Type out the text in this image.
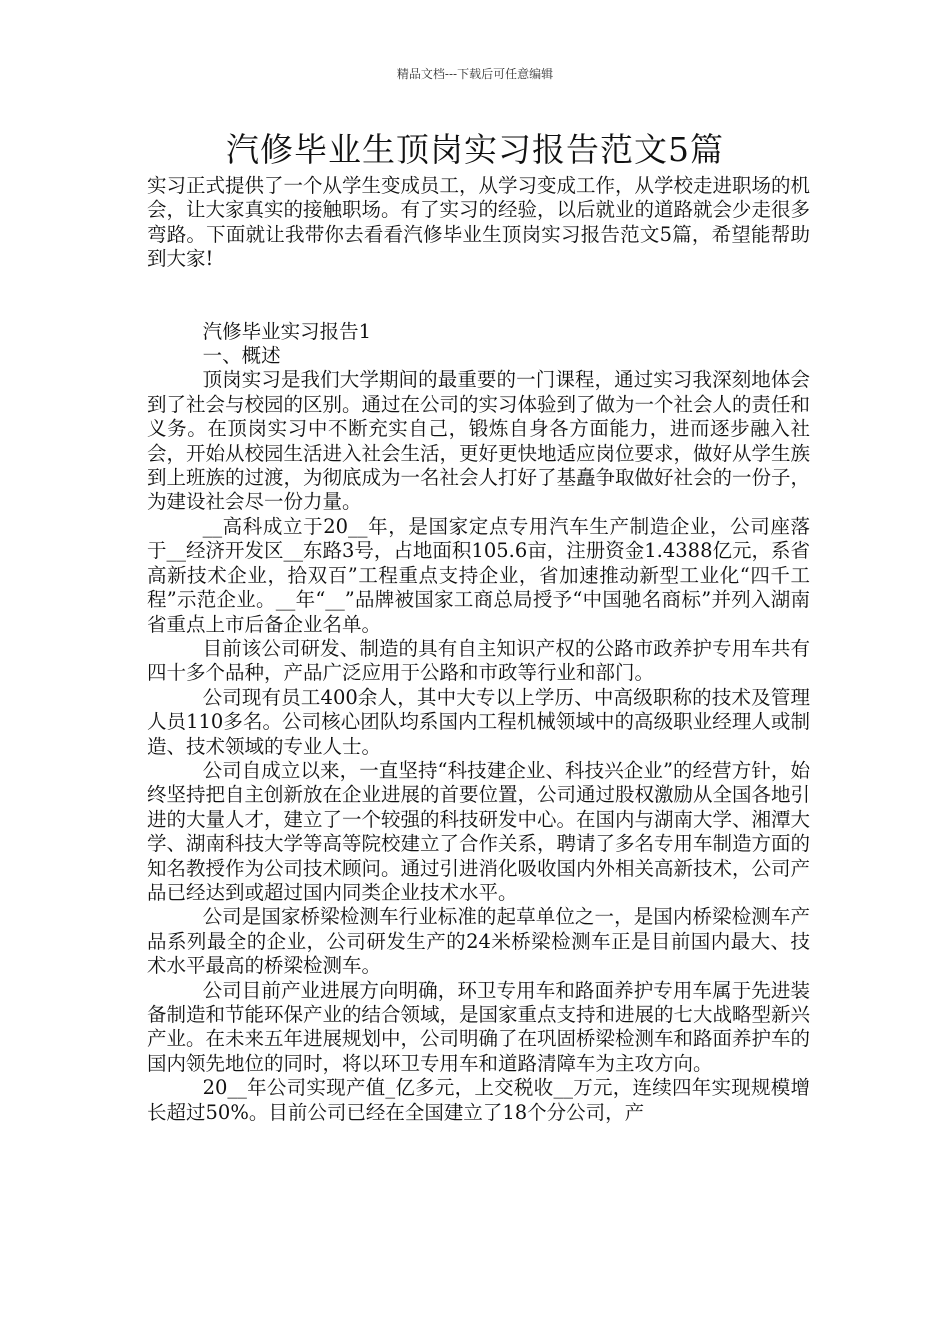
精品文档---下载后可任意编辑
汽修毕业生顶岗实习报告范文5篇

实习正式提供了一个从学生变成员工，从学习变成工作，从学校走进职场的机会，让大家真实的接触职场。有了实习的经验，以后就业的道路就会少走很多弯路。下面就让我带你去看看汽修毕业生顶岗实习报告范文5篇，希望能帮助到大家!

汽修毕业实习报告1

一、概述

顶岗实习是我们大学期间的最重要的一门课程，通过实习我深刻地体会到了社会与校园的区别。通过在公司的实习体验到了做为一个社会人的责任和义务。在顶岗实习中不断充实自己，锻炼自身各方面能力，进而逐步融入社会，开始从校园生活进入社会生活，更好更快地适应岗位要求，做好从学生族到上班族的过渡，为彻底成为一名社会人打好了基矗争取做好社会的一份子，为建设社会尽一份力量。

__高科成立于20__年，是国家定点专用汽车生产制造企业，公司座落于__经济开发区__东路3号，占地面积105.6亩，注册资金1.4388亿元，系省高新技术企业，拾双百”工程重点支持企业，省加速推动新型工业化“四千工程”示范企业。__年“__”品牌被国家工商总局授予“中国驰名商标”并列入湖南省重点上市后备企业名单。

目前该公司研发、制造的具有自主知识产权的公路市政养护专用车共有四十多个品种，产品广泛应用于公路和市政等行业和部门。

公司现有员工400余人，其中大专以上学历、中高级职称的技术及管理人员110多名。公司核心团队均系国内工程机械领域中的高级职业经理人或制造、技术领域的专业人士。

公司自成立以来，一直坚持“科技建企业、科技兴企业”的经营方针，始终坚持把自主创新放在企业进展的首要位置，公司通过股权激励从全国各地引进的大量人才，建立了一个较强的科技研发中心。在国内与湖南大学、湘潭大学、湖南科技大学等高等院校建立了合作关系，聘请了多名专用车制造方面的知名教授作为公司技术顾问。通过引进消化吸收国内外相关高新技术，公司产品已经达到或超过国内同类企业技术水平。

公司是国家桥梁检测车行业标准的起草单位之一，是国内桥梁检测车产品系列最全的企业，公司研发生产的24米桥梁检测车正是目前国内最大、技术水平最高的桥梁检测车。

公司目前产业进展方向明确，环卫专用车和路面养护专用车属于先进装备制造和节能环保产业的结合领域，是国家重点支持和进展的七大战略型新兴产业。在未来五年进展规划中，公司明确了在巩固桥梁检测车和路面养护车的国内领先地位的同时，将以环卫专用车和道路清障车为主攻方向。

20__年公司实现产值_亿多元，上交税收__万元，连续四年实现规模增长超过50%。目前公司已经在全国建立了18个分公司，产
